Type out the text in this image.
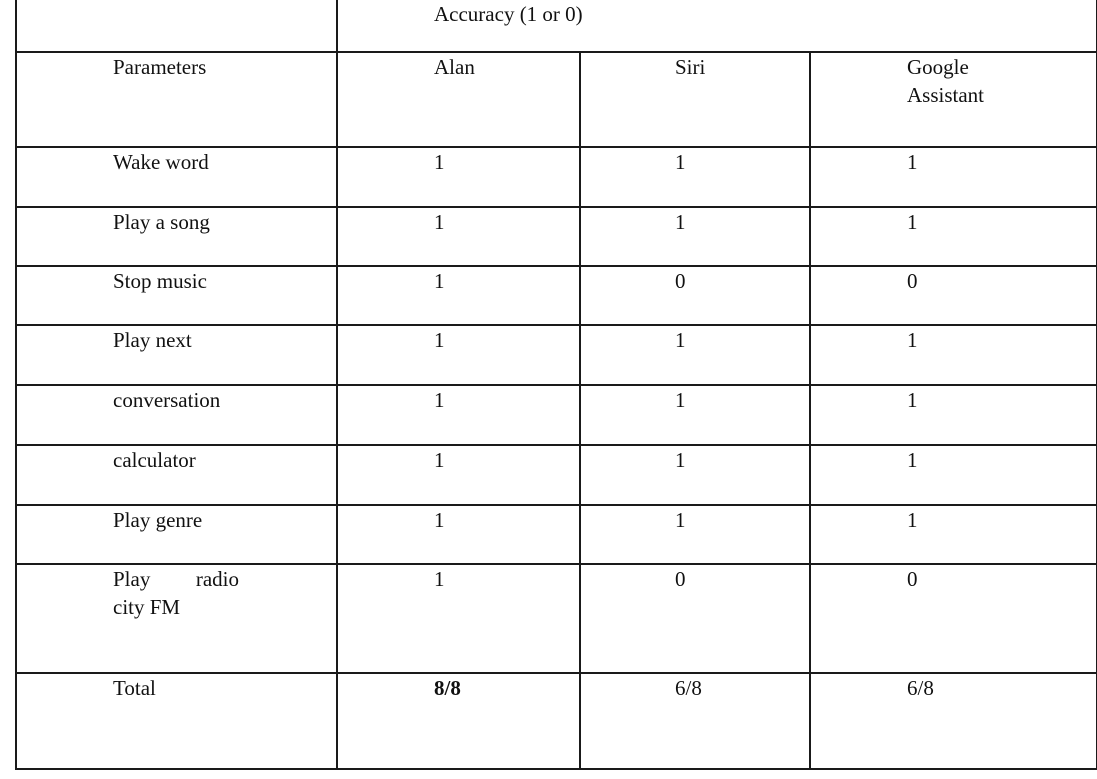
	Accuracy (1 or 0)		
Parameters	Alan	Siri	Google
Assistant
Wake word	1	1	1
Play a song	1	1	1
Stop music	1	0	0
Play next	1	1	1
conversation	1	1	1
calculator	1	1	1
Play genre	1	1	1

Play radio
city FM	1	0	0
Total	8/8	6/8	6/8
